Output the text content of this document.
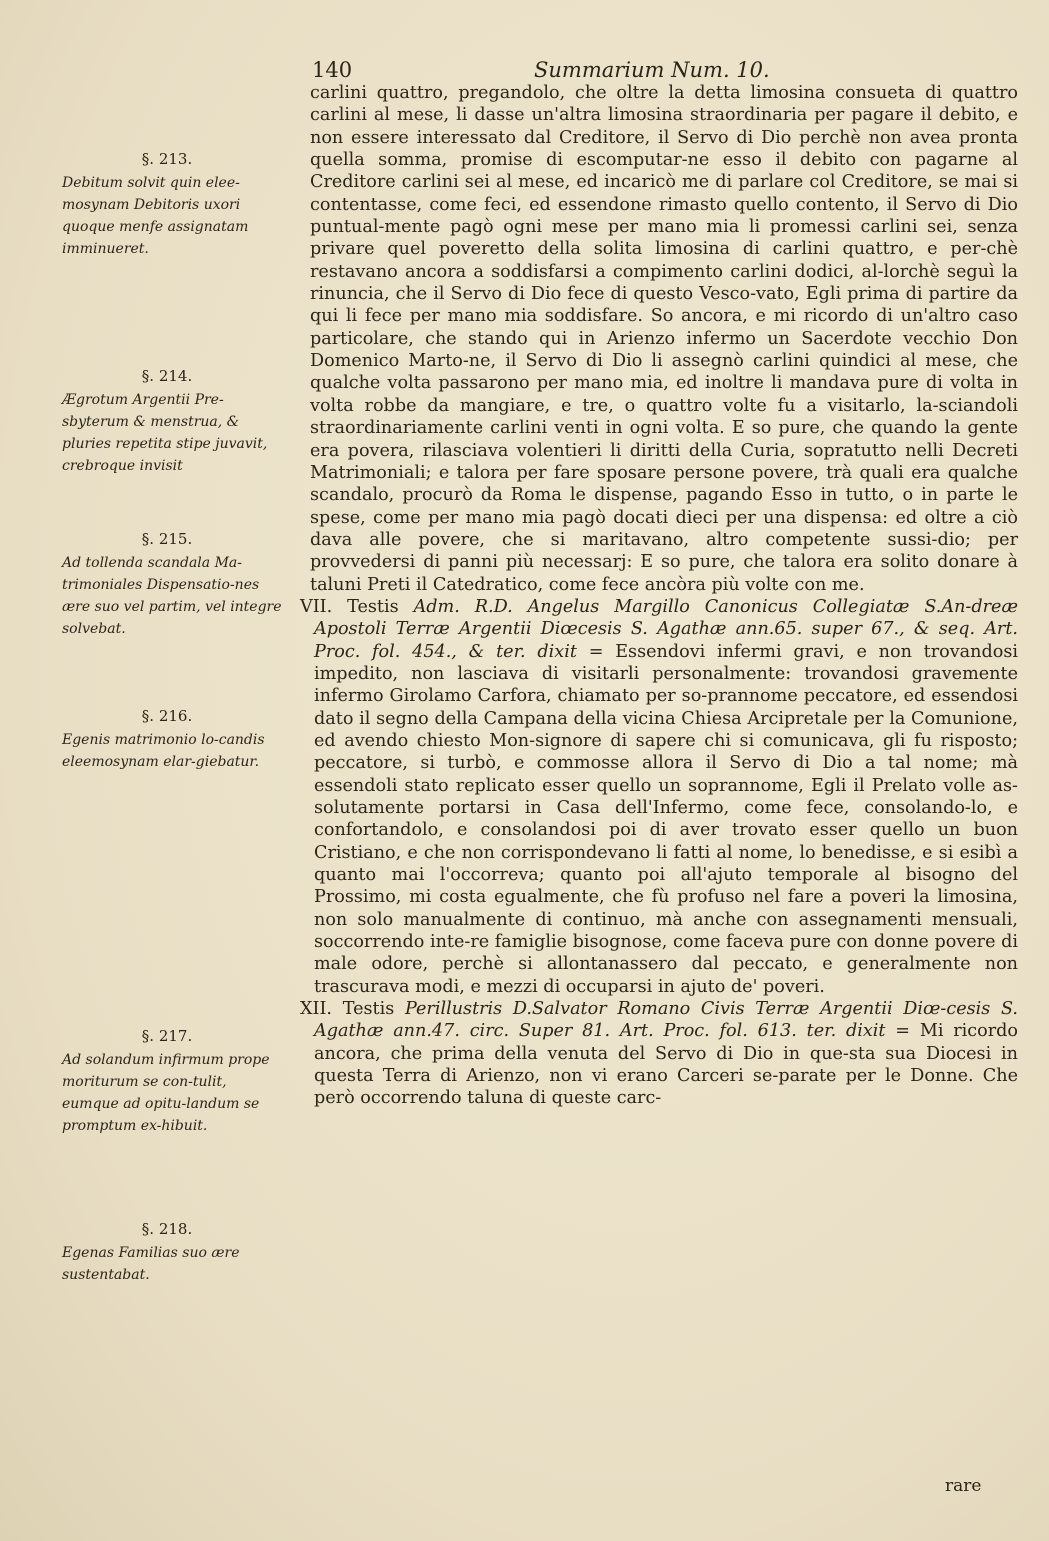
140	Summarium Num. 10.
§. 213.
Debitum solvit quin elee-mosynam Debitoris uxori quoque menfe assignatam imminueret.
§. 214.
Ægrotum Argentii Pre-sbyterum & menstrua, & pluries repetita stipe juvavit, crebroque invisit
§. 215.
Ad tollenda scandala Ma-trimoniales Dispensatio-nes ære suo vel partim, vel integre solvebat.
§. 216.
Egenis matrimonio lo-candis eleemosynam elar-giebatur.
§. 217.
Ad solandum infirmum prope moriturum se con-tulit, eumque ad opitu-landum se promptum ex-hibuit.
§. 218.
Egenas Familias suo ære sustentabat.

carlini quattro, pregandolo, che oltre la detta limosina consueta di quattro carlini al mese, li dasse un'altra limosina straordinaria per pagare il debito, e non essere interessato dal Creditore, il Servo di Dio perchè non avea pronta quella somma, promise di escomputar-ne esso il debito con pagarne al Creditore carlini sei al mese, ed incaricò me di parlare col Creditore, se mai si contentasse, come feci, ed essendone rimasto quello contento, il Servo di Dio puntual-mente pagò ogni mese per mano mia li promessi carlini sei, senza privare quel poveretto della solita limosina di carlini quattro, e per-chè restavano ancora a soddisfarsi a compimento carlini dodici, al-lorchè seguì la rinuncia, che il Servo di Dio fece di questo Vesco-vato, Egli prima di partire da qui li fece per mano mia soddisfare. So ancora, e mi ricordo di un'altro caso particolare, che stando qui in Arienzo infermo un Sacerdote vecchio Don Domenico Marto-ne, il Servo di Dio li assegnò carlini quindici al mese, che qualche volta passarono per mano mia, ed inoltre li mandava pure di volta in volta robbe da mangiare, e tre, o quattro volte fu a visitarlo, la-sciandoli straordinariamente carlini venti in ogni volta. E so pure, che quando la gente era povera, rilasciava volentieri li diritti della Curia, sopratutto nelli Decreti Matrimoniali; e talora per fare sposare persone povere, trà quali era qualche scandalo, procurò da Roma le dispense, pagando Esso in tutto, o in parte le spese, come per mano mia pagò docati dieci per una dispensa: ed oltre a ciò dava alle povere, che si maritavano, altro competente sussi-dio; per provvedersi di panni più necessarj: E so pure, che talora era solito donare à taluni Preti il Catedratico, come fece ancòra più volte con me.

VII. Testis Adm. R.D. Angelus Margillo Canonicus Collegiatæ S.An-dreæ Apostoli Terræ Argentii Diœcesis S. Agathæ ann.65. super 67., & seq. Art. Proc. fol. 454., & ter. dixit = Essendovi infermi gravi, e non trovandosi impedito, non lasciava di visitarli personalmente: trovandosi gravemente infermo Girolamo Carfora, chiamato per so-prannome peccatore, ed essendosi dato il segno della Campana della vicina Chiesa Arcipretale per la Comunione, ed avendo chiesto Mon-signore di sapere chi si comunicava, gli fu risposto; peccatore, si turbò, e commosse allora il Servo di Dio a tal nome; mà essendoli stato replicato esser quello un soprannome, Egli il Prelato volle as-solutamente portarsi in Casa dell'Infermo, come fece, consolando-lo, e confortandolo, e consolandosi poi di aver trovato esser quello un buon Cristiano, e che non corrispondevano li fatti al nome, lo benedisse, e si esibì a quanto mai l'occorreva; quanto poi all'ajuto temporale al bisogno del Prossimo, mi costa egualmente, che fù profuso nel fare a poveri la limosina, non solo manualmente di continuo, mà anche con assegnamenti mensuali, soccorrendo inte-re famiglie bisognose, come faceva pure con donne povere di male odore, perchè si allontanassero dal peccato, e generalmente non trascurava modi, e mezzi di occuparsi in ajuto de' poveri.

XII. Testis Perillustris D.Salvator Romano Civis Terræ Argentii Diœ-cesis S. Agathæ ann.47. circ. Super 81. Art. Proc. fol. 613. ter. dixit = Mi ricordo ancora, che prima della venuta del Servo di Dio in que-sta sua Diocesi in questa Terra di Arienzo, non vi erano Carceri se-parate per le Donne. Che però occorrendo taluna di queste carc-

rare
